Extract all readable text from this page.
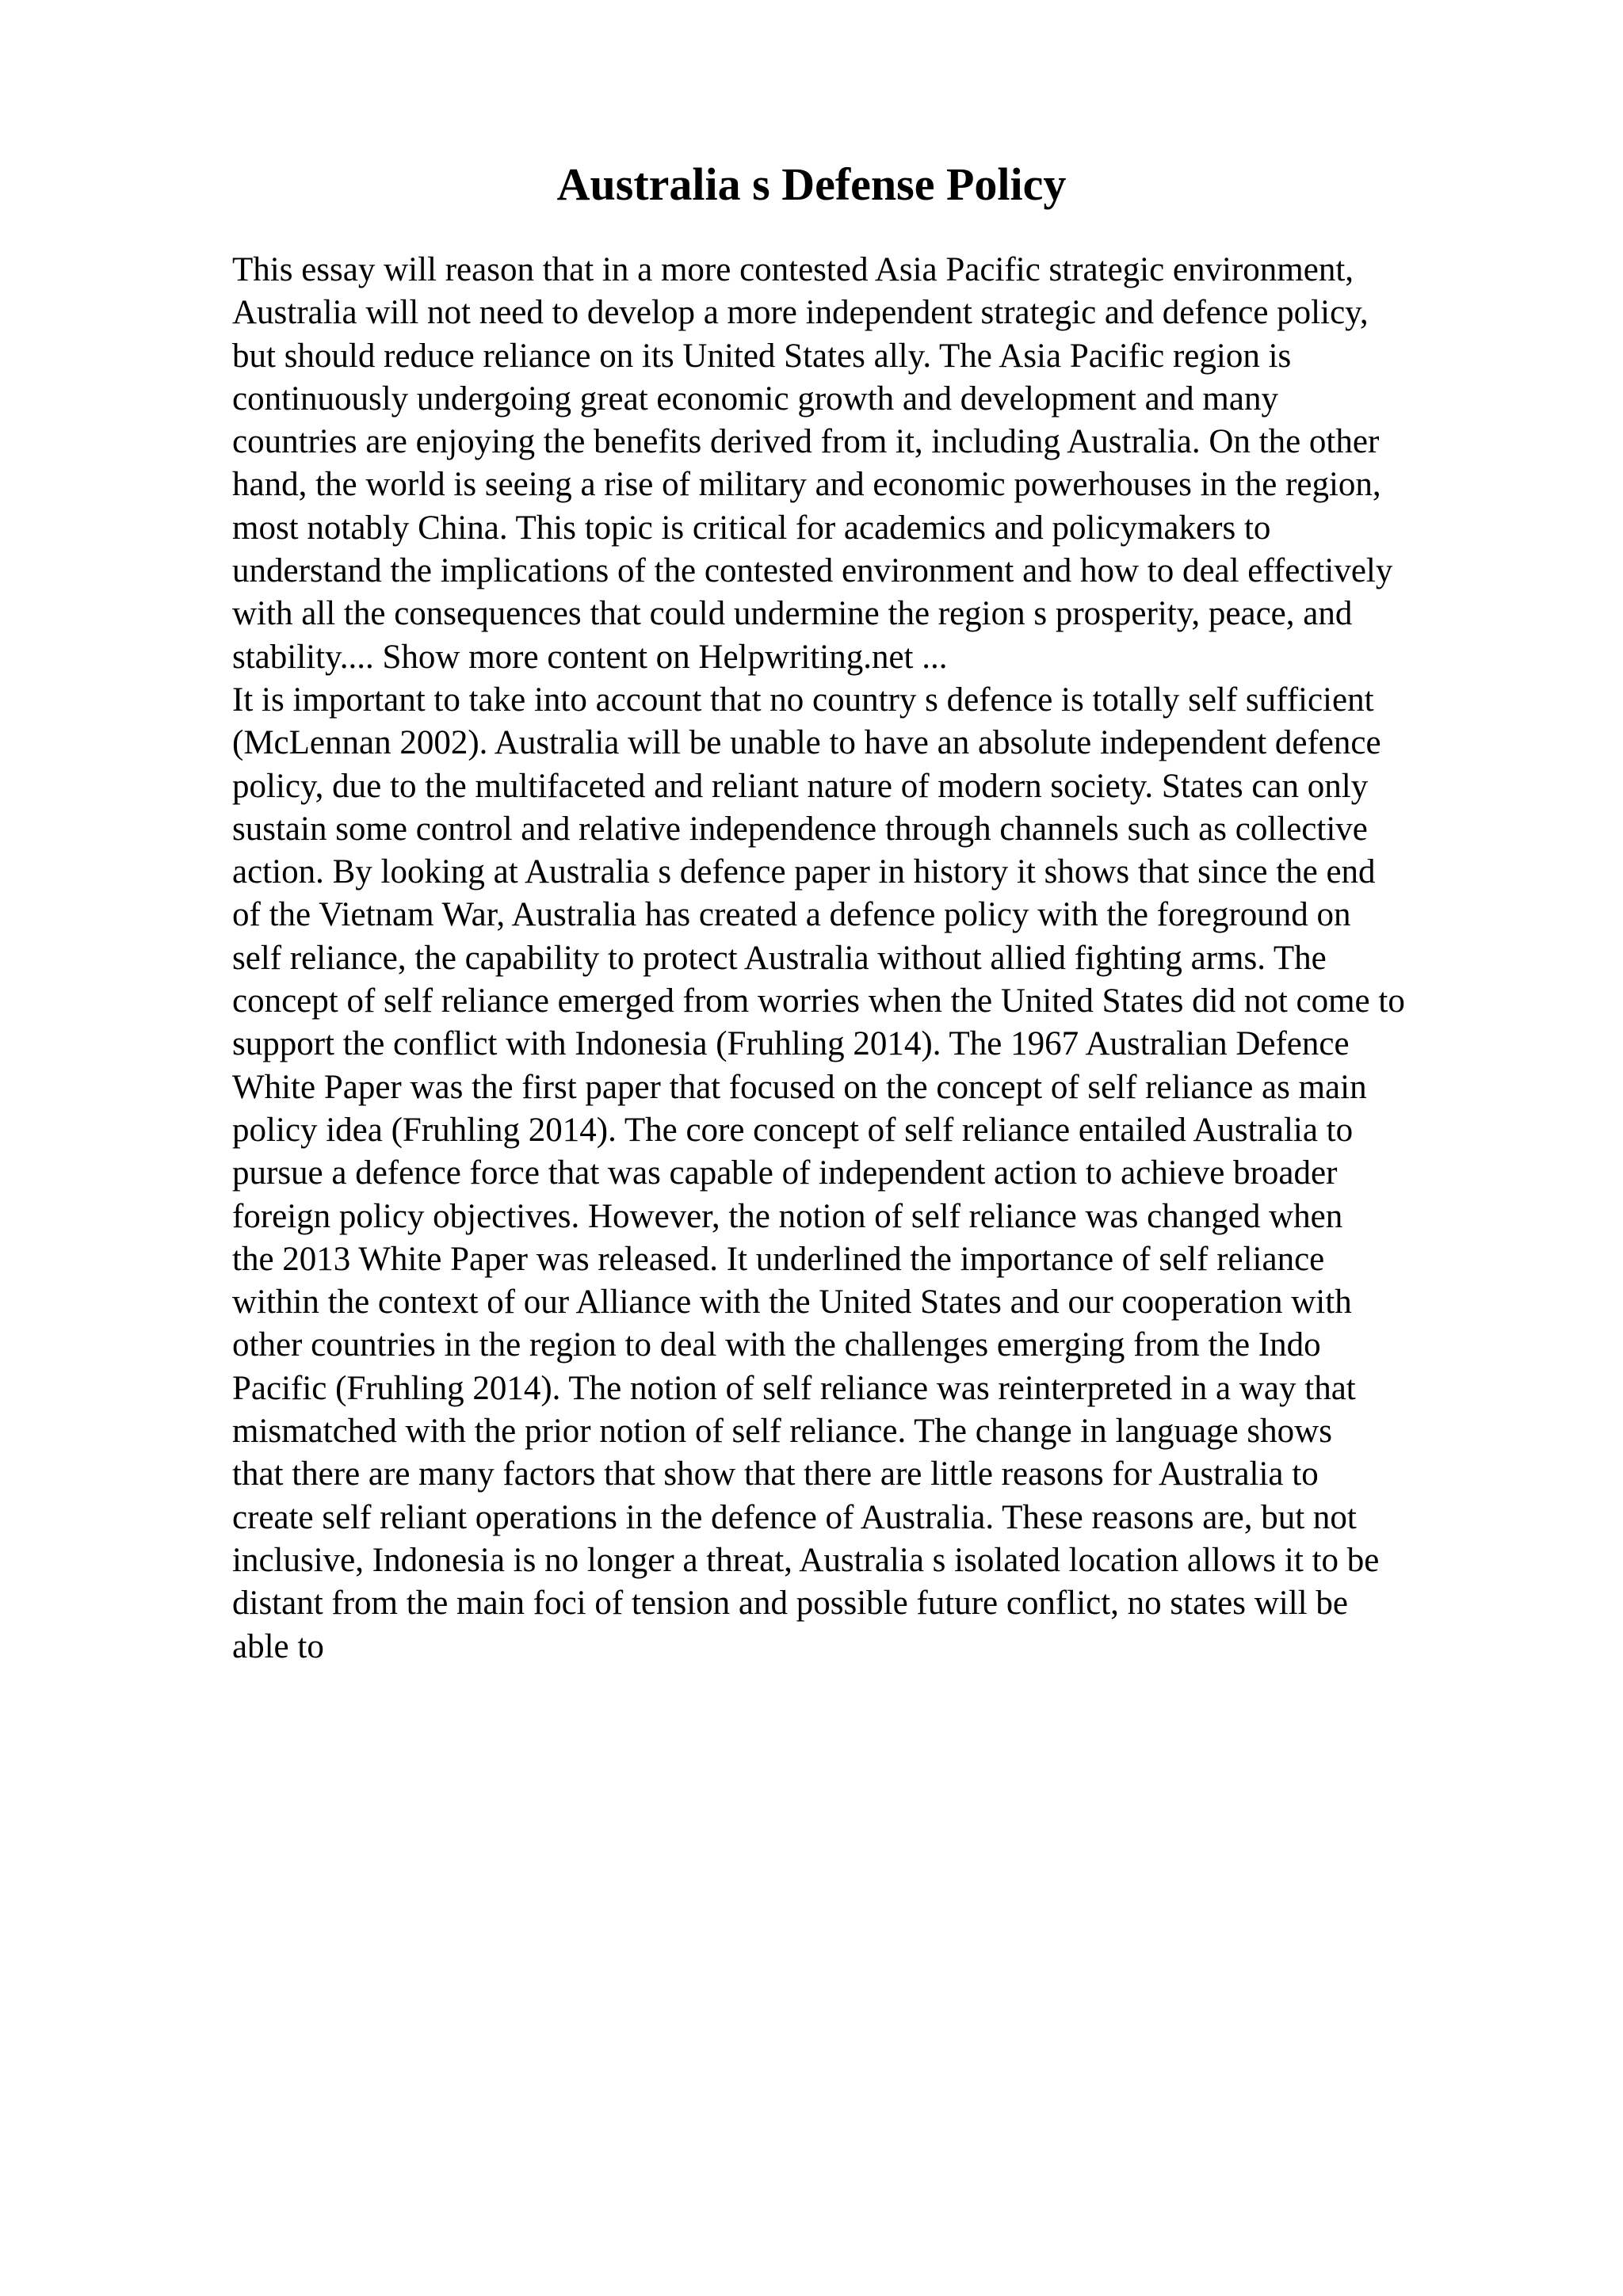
Australia s Defense Policy
This essay will reason that in a more contested Asia Pacific strategic environment,
Australia will not need to develop a more independent strategic and defence policy,
but should reduce reliance on its United States ally. The Asia Pacific region is
continuously undergoing great economic growth and development and many
countries are enjoying the benefits derived from it, including Australia. On the other
hand, the world is seeing a rise of military and economic powerhouses in the region,
most notably China. This topic is critical for academics and policymakers to
understand the implications of the contested environment and how to deal effectively
with all the consequences that could undermine the region s prosperity, peace, and
stability.... Show more content on Helpwriting.net ...
It is important to take into account that no country s defence is totally self sufficient
(McLennan 2002). Australia will be unable to have an absolute independent defence
policy, due to the multifaceted and reliant nature of modern society. States can only
sustain some control and relative independence through channels such as collective
action. By looking at Australia s defence paper in history it shows that since the end
of the Vietnam War, Australia has created a defence policy with the foreground on
self reliance, the capability to protect Australia without allied fighting arms. The
concept of self reliance emerged from worries when the United States did not come to
support the conflict with Indonesia (Fruhling 2014). The 1967 Australian Defence
White Paper was the first paper that focused on the concept of self reliance as main
policy idea (Fruhling 2014). The core concept of self reliance entailed Australia to
pursue a defence force that was capable of independent action to achieve broader
foreign policy objectives. However, the notion of self reliance was changed when
the 2013 White Paper was released. It underlined the importance of self reliance
within the context of our Alliance with the United States and our cooperation with
other countries in the region to deal with the challenges emerging from the Indo
Pacific (Fruhling 2014). The notion of self reliance was reinterpreted in a way that
mismatched with the prior notion of self reliance. The change in language shows
that there are many factors that show that there are little reasons for Australia to
create self reliant operations in the defence of Australia. These reasons are, but not
inclusive, Indonesia is no longer a threat, Australia s isolated location allows it to be
distant from the main foci of tension and possible future conflict, no states will be
able to
